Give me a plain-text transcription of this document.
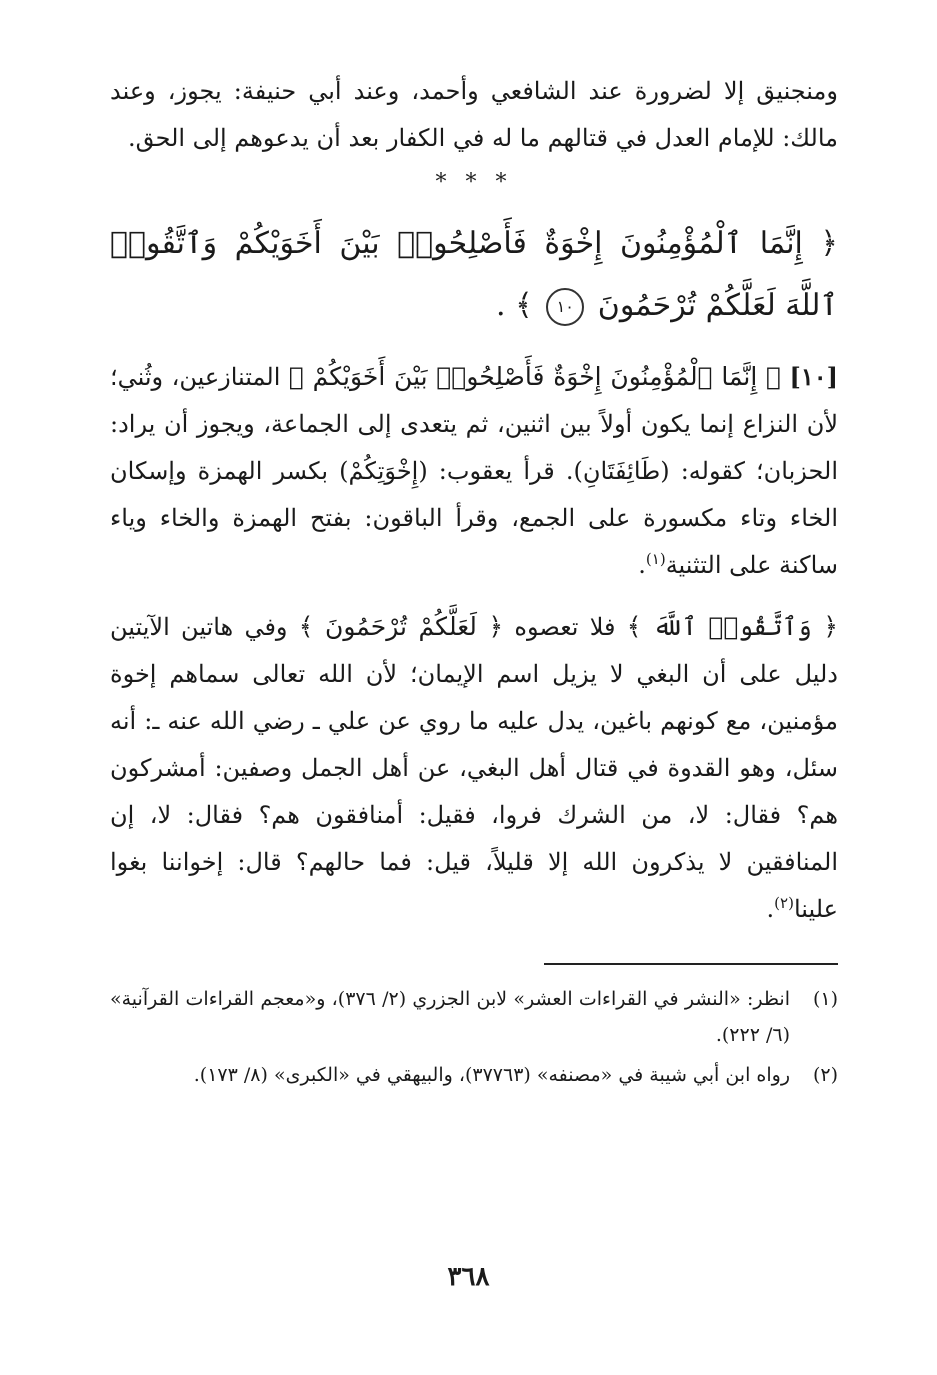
ومنجنيق إلا لضرورة عند الشافعي وأحمد، وعند أبي حنيفة: يجوز، وعند مالك: للإمام العدل في قتالهم ما له في الكفار بعد أن يدعوهم إلى الحق.

* * *

﴿ إِنَّمَا ٱلْمُؤْمِنُونَ إِخْوَةٌ فَأَصْلِحُوا۟ بَيْنَ أَخَوَيْكُمْ وَٱتَّقُوا۟ ٱللَّهَ لَعَلَّكُمْ تُرْحَمُونَ ١٠ ﴾ .

[١٠] ﴿ إِنَّمَا ٱلْمُؤْمِنُونَ إِخْوَةٌ فَأَصْلِحُوا۟ بَيْنَ أَخَوَيْكُمْ ﴾ المتنازعين، وثُني؛ لأن النزاع إنما يكون أولاً بين اثنين، ثم يتعدى إلى الجماعة، ويجوز أن يراد: الحزبان؛ كقوله: (طَائِفَتَانِ). قرأ يعقوب: (إِخْوَتِكُمْ) بكسر الهمزة وإسكان الخاء وتاء مكسورة على الجمع، وقرأ الباقون: بفتح الهمزة والخاء وياء ساكنة على التثنية$^{(١)}$.

﴿ وَٱتَّقُوا۟ ٱللَّهَ ﴾ فلا تعصوه ﴿ لَعَلَّكُمْ تُرْحَمُونَ ﴾ وفي هاتين الآيتين دليل على أن البغي لا يزيل اسم الإيمان؛ لأن الله تعالى سماهم إخوة مؤمنين، مع كونهم باغين، يدل عليه ما روي عن علي ـ رضي الله عنه ـ: أنه سئل، وهو القدوة في قتال أهل البغي، عن أهل الجمل وصفين: أمشركون هم؟ فقال: لا، من الشرك فروا، فقيل: أمنافقون هم؟ فقال: لا، إن المنافقين لا يذكرون الله إلا قليلاً، قيل: فما حالهم؟ قال: إخواننا بغوا علينا$^{(٢)}$.

(١)
انظر: «النشر في القراءات العشر» لابن الجزري (٢/ ٣٧٦)، و«معجم القراءات القرآنية» (٦/ ٢٢٢).
(٢)
رواه ابن أبي شيبة في «مصنفه» (٣٧٧٦٣)، والبيهقي في «الكبرى» (٨/ ١٧٣).
٣٦٨
